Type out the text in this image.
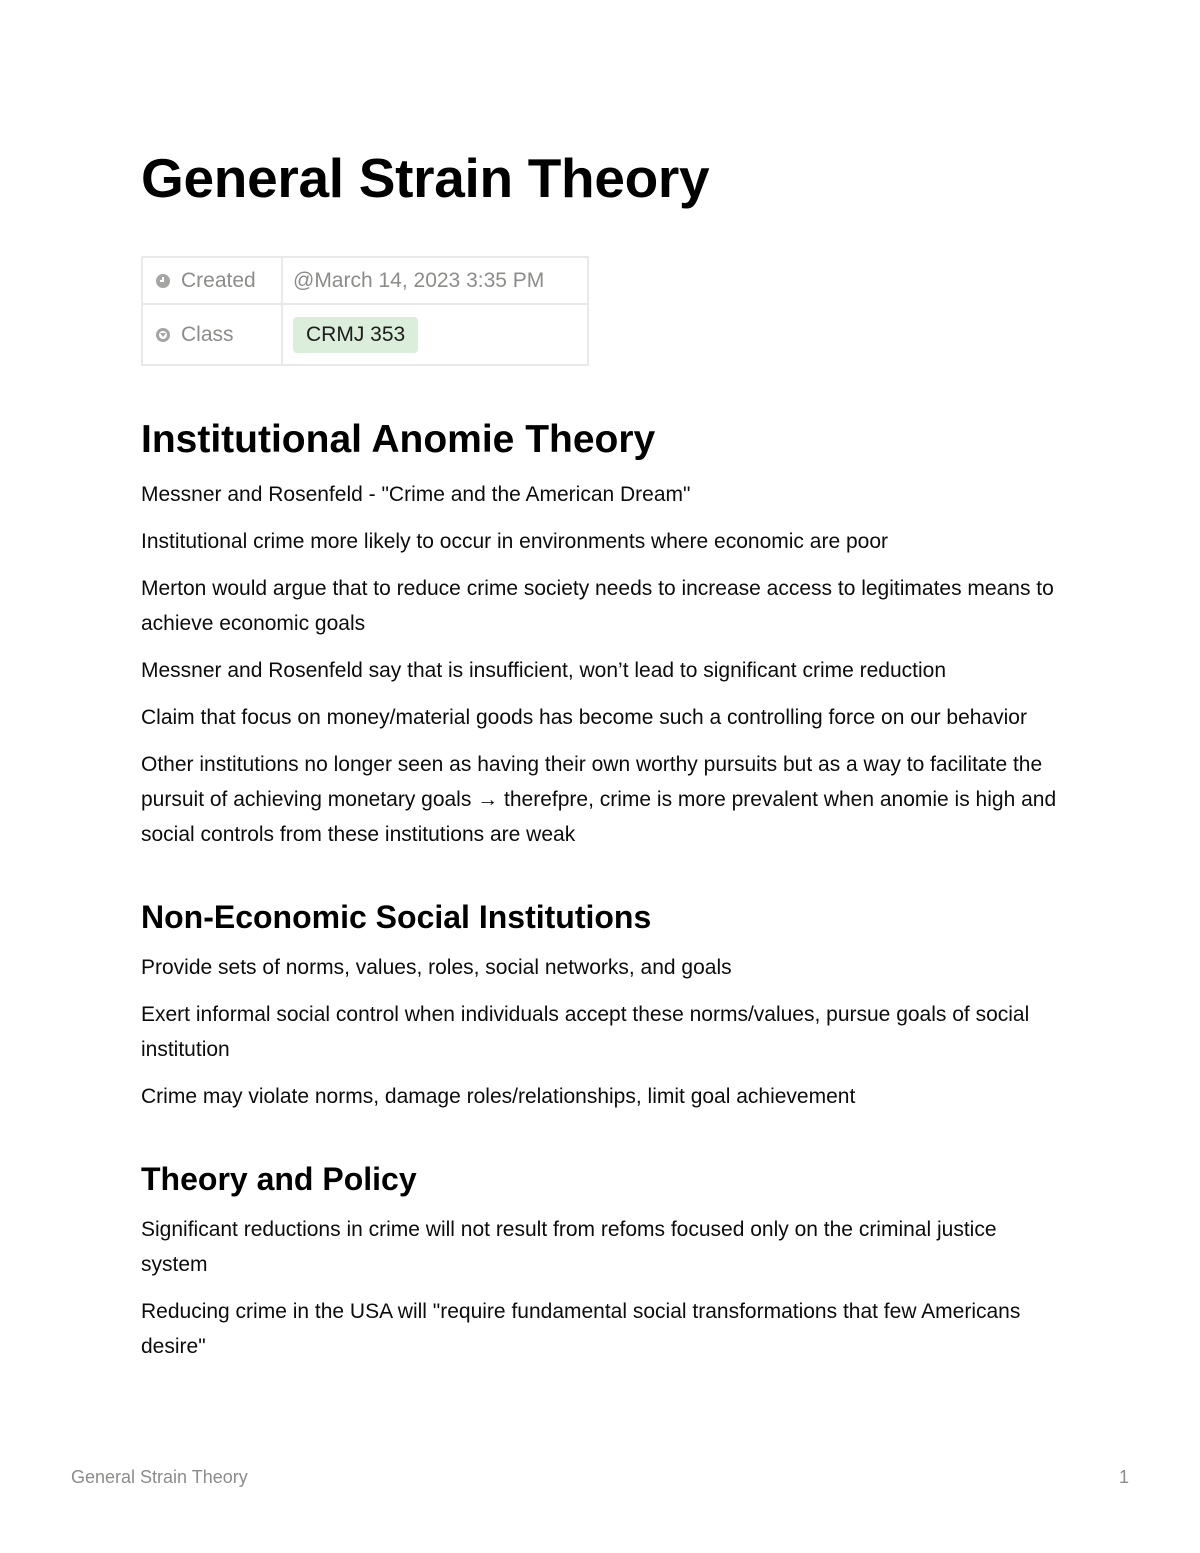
General Strain Theory
Created	@March 14, 2023 3:35 PM
Class	CRMJ 353
Institutional Anomie Theory

Messner and Rosenfeld - "Crime and the American Dream"

Institutional crime more likely to occur in environments where economic are poor

Merton would argue that to reduce crime society needs to increase access to legitimates means to achieve economic goals

Messner and Rosenfeld say that is insufficient, won’t lead to significant crime reduction

Claim that focus on money/material goods has become such a controlling force on our behavior

Other institutions no longer seen as having their own worthy pursuits but as a way to facilitate the pursuit of achieving monetary goals → therefpre, crime is more prevalent when anomie is high and social controls from these institutions are weak

Non-Economic Social Institutions

Provide sets of norms, values, roles, social networks, and goals

Exert informal social control when individuals accept these norms/values, pursue goals of social institution

Crime may violate norms, damage roles/relationships, limit goal achievement

Theory and Policy

Significant reductions in crime will not result from refoms focused only on the criminal justice system

Reducing crime in the USA will "require fundamental social transformations that few Americans desire"

General Strain Theory	1
